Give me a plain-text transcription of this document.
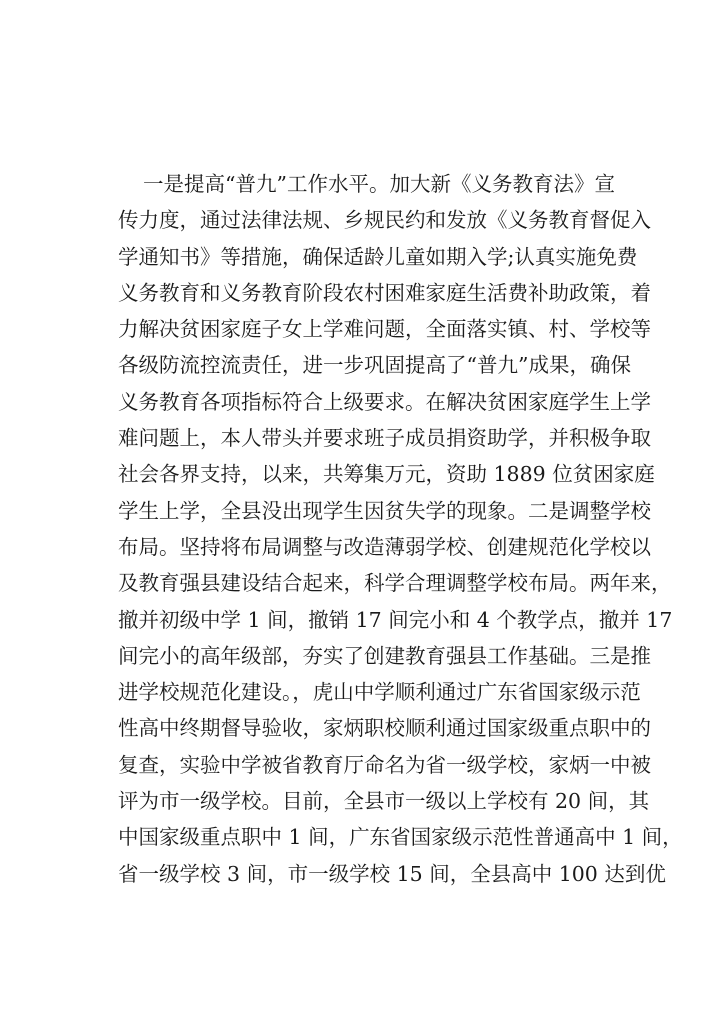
一是提高“普九”工作水平。加大新《义务教育法》宣
传力度，通过法律法规、乡规民约和发放《义务教育督促入
学通知书》等措施，确保适龄儿童如期入学;认真实施免费
义务教育和义务教育阶段农村困难家庭生活费补助政策，着
力解决贫困家庭子女上学难问题，全面落实镇、村、学校等
各级防流控流责任，进一步巩固提高了“普九”成果，确保
义务教育各项指标符合上级要求。在解决贫困家庭学生上学
难问题上，本人带头并要求班子成员捐资助学，并积极争取
社会各界支持，以来，共筹集万元，资助 1889 位贫困家庭
学生上学，全县没出现学生因贫失学的现象。二是调整学校
布局。坚持将布局调整与改造薄弱学校、创建规范化学校以
及教育强县建设结合起来，科学合理调整学校布局。两年来，
撤并初级中学 1 间，撤销 17 间完小和 4 个教学点，撤并 17
间完小的高年级部，夯实了创建教育强县工作基础。三是推
进学校规范化建设。，虎山中学顺利通过广东省国家级示范
性高中终期督导验收，家炳职校顺利通过国家级重点职中的
复查，实验中学被省教育厅命名为省一级学校，家炳一中被
评为市一级学校。目前，全县市一级以上学校有 20 间，其
中国家级重点职中 1 间，广东省国家级示范性普通高中 1 间，
省一级学校 3 间，市一级学校 15 间，全县高中 100 达到优
